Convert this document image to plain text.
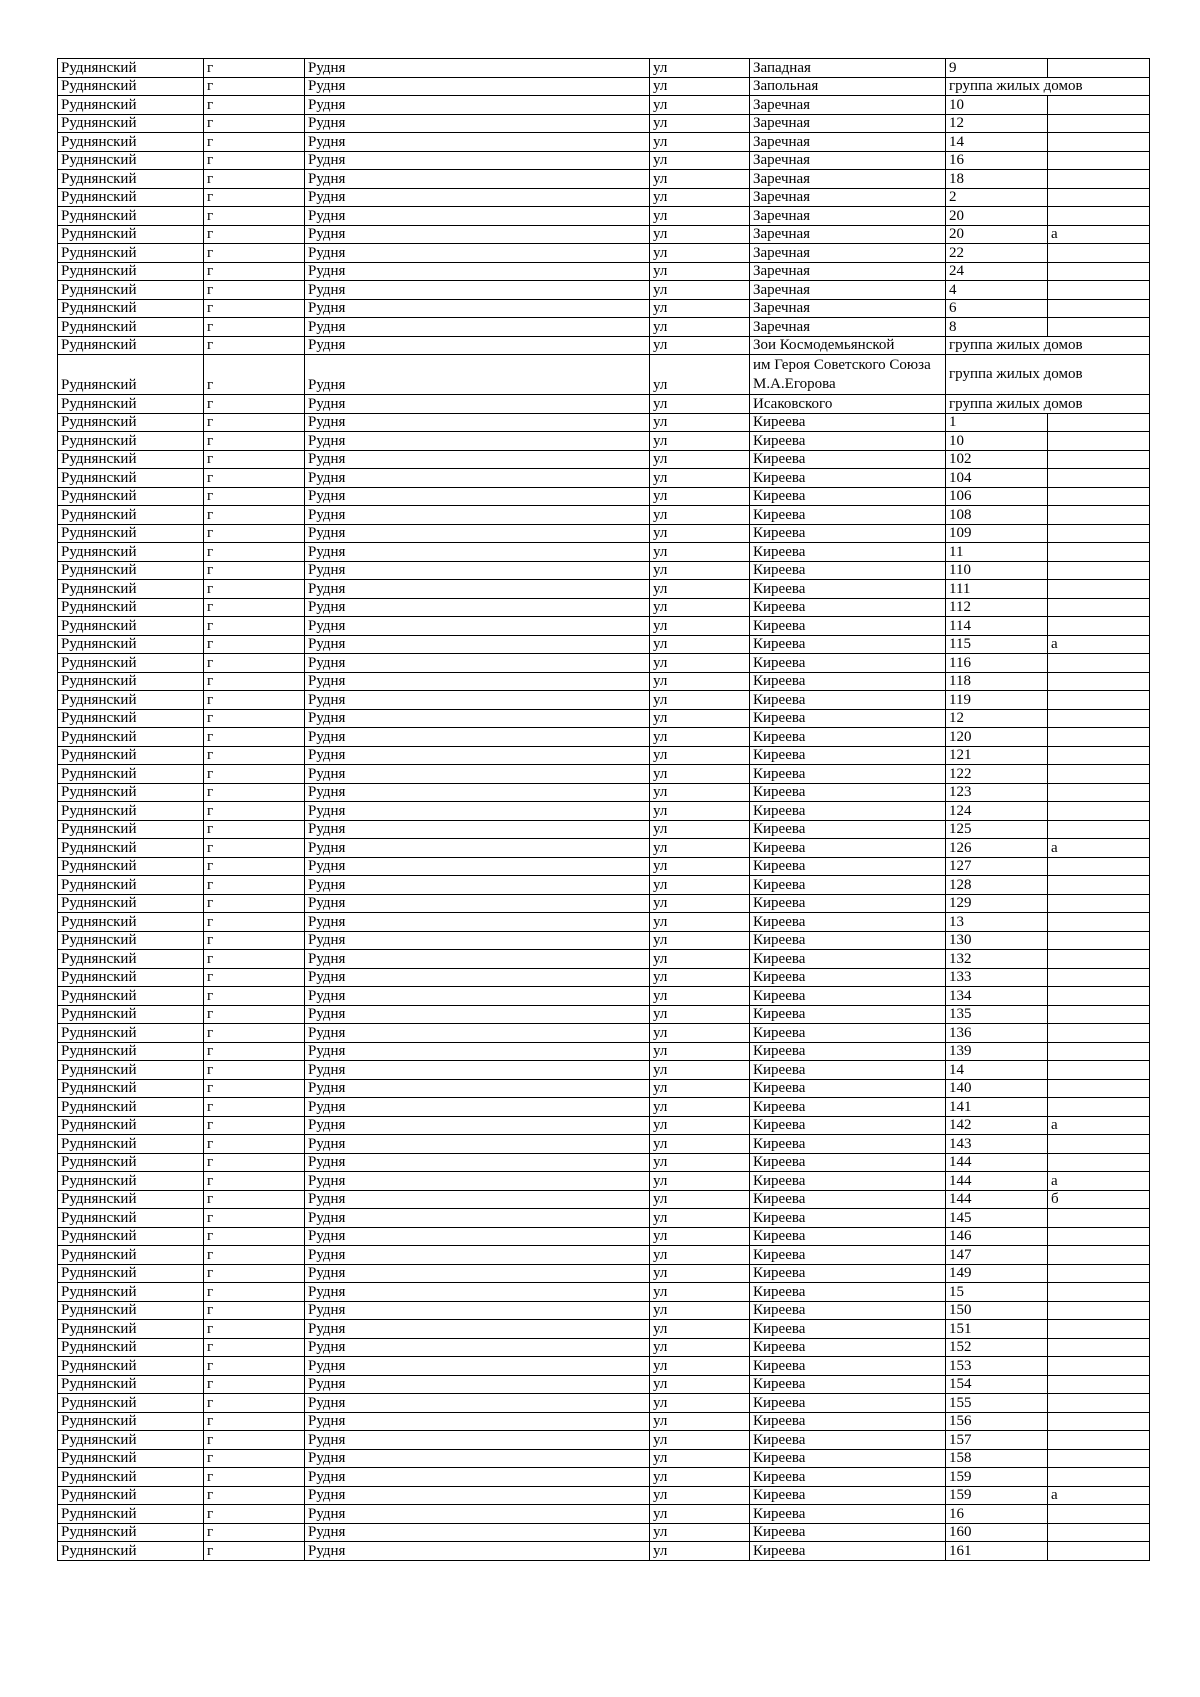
Руднянский	г	Рудня	ул	Западная	9	
Руднянский	г	Рудня	ул	Запольная	группа жилых домов	
Руднянский	г	Рудня	ул	Заречная	10	
Руднянский	г	Рудня	ул	Заречная	12	
Руднянский	г	Рудня	ул	Заречная	14	
Руднянский	г	Рудня	ул	Заречная	16	
Руднянский	г	Рудня	ул	Заречная	18	
Руднянский	г	Рудня	ул	Заречная	2	
Руднянский	г	Рудня	ул	Заречная	20	
Руднянский	г	Рудня	ул	Заречная	20	а
Руднянский	г	Рудня	ул	Заречная	22	
Руднянский	г	Рудня	ул	Заречная	24	
Руднянский	г	Рудня	ул	Заречная	4	
Руднянский	г	Рудня	ул	Заречная	6	
Руднянский	г	Рудня	ул	Заречная	8	
Руднянский	г	Рудня	ул	Зои Космодемьянской	группа жилых домов	
Руднянский	г	Рудня	ул	им Героя Советского Союза М.А.Егорова	группа жилых домов	
Руднянский	г	Рудня	ул	Исаковского	группа жилых домов	
Руднянский	г	Рудня	ул	Киреева	1	
Руднянский	г	Рудня	ул	Киреева	10	
Руднянский	г	Рудня	ул	Киреева	102	
Руднянский	г	Рудня	ул	Киреева	104	
Руднянский	г	Рудня	ул	Киреева	106	
Руднянский	г	Рудня	ул	Киреева	108	
Руднянский	г	Рудня	ул	Киреева	109	
Руднянский	г	Рудня	ул	Киреева	11	
Руднянский	г	Рудня	ул	Киреева	110	
Руднянский	г	Рудня	ул	Киреева	111	
Руднянский	г	Рудня	ул	Киреева	112	
Руднянский	г	Рудня	ул	Киреева	114	
Руднянский	г	Рудня	ул	Киреева	115	а
Руднянский	г	Рудня	ул	Киреева	116	
Руднянский	г	Рудня	ул	Киреева	118	
Руднянский	г	Рудня	ул	Киреева	119	
Руднянский	г	Рудня	ул	Киреева	12	
Руднянский	г	Рудня	ул	Киреева	120	
Руднянский	г	Рудня	ул	Киреева	121	
Руднянский	г	Рудня	ул	Киреева	122	
Руднянский	г	Рудня	ул	Киреева	123	
Руднянский	г	Рудня	ул	Киреева	124	
Руднянский	г	Рудня	ул	Киреева	125	
Руднянский	г	Рудня	ул	Киреева	126	а
Руднянский	г	Рудня	ул	Киреева	127	
Руднянский	г	Рудня	ул	Киреева	128	
Руднянский	г	Рудня	ул	Киреева	129	
Руднянский	г	Рудня	ул	Киреева	13	
Руднянский	г	Рудня	ул	Киреева	130	
Руднянский	г	Рудня	ул	Киреева	132	
Руднянский	г	Рудня	ул	Киреева	133	
Руднянский	г	Рудня	ул	Киреева	134	
Руднянский	г	Рудня	ул	Киреева	135	
Руднянский	г	Рудня	ул	Киреева	136	
Руднянский	г	Рудня	ул	Киреева	139	
Руднянский	г	Рудня	ул	Киреева	14	
Руднянский	г	Рудня	ул	Киреева	140	
Руднянский	г	Рудня	ул	Киреева	141	
Руднянский	г	Рудня	ул	Киреева	142	а
Руднянский	г	Рудня	ул	Киреева	143	
Руднянский	г	Рудня	ул	Киреева	144	
Руднянский	г	Рудня	ул	Киреева	144	а
Руднянский	г	Рудня	ул	Киреева	144	б
Руднянский	г	Рудня	ул	Киреева	145	
Руднянский	г	Рудня	ул	Киреева	146	
Руднянский	г	Рудня	ул	Киреева	147	
Руднянский	г	Рудня	ул	Киреева	149	
Руднянский	г	Рудня	ул	Киреева	15	
Руднянский	г	Рудня	ул	Киреева	150	
Руднянский	г	Рудня	ул	Киреева	151	
Руднянский	г	Рудня	ул	Киреева	152	
Руднянский	г	Рудня	ул	Киреева	153	
Руднянский	г	Рудня	ул	Киреева	154	
Руднянский	г	Рудня	ул	Киреева	155	
Руднянский	г	Рудня	ул	Киреева	156	
Руднянский	г	Рудня	ул	Киреева	157	
Руднянский	г	Рудня	ул	Киреева	158	
Руднянский	г	Рудня	ул	Киреева	159	
Руднянский	г	Рудня	ул	Киреева	159	а
Руднянский	г	Рудня	ул	Киреева	16	
Руднянский	г	Рудня	ул	Киреева	160	
Руднянский	г	Рудня	ул	Киреева	161	
